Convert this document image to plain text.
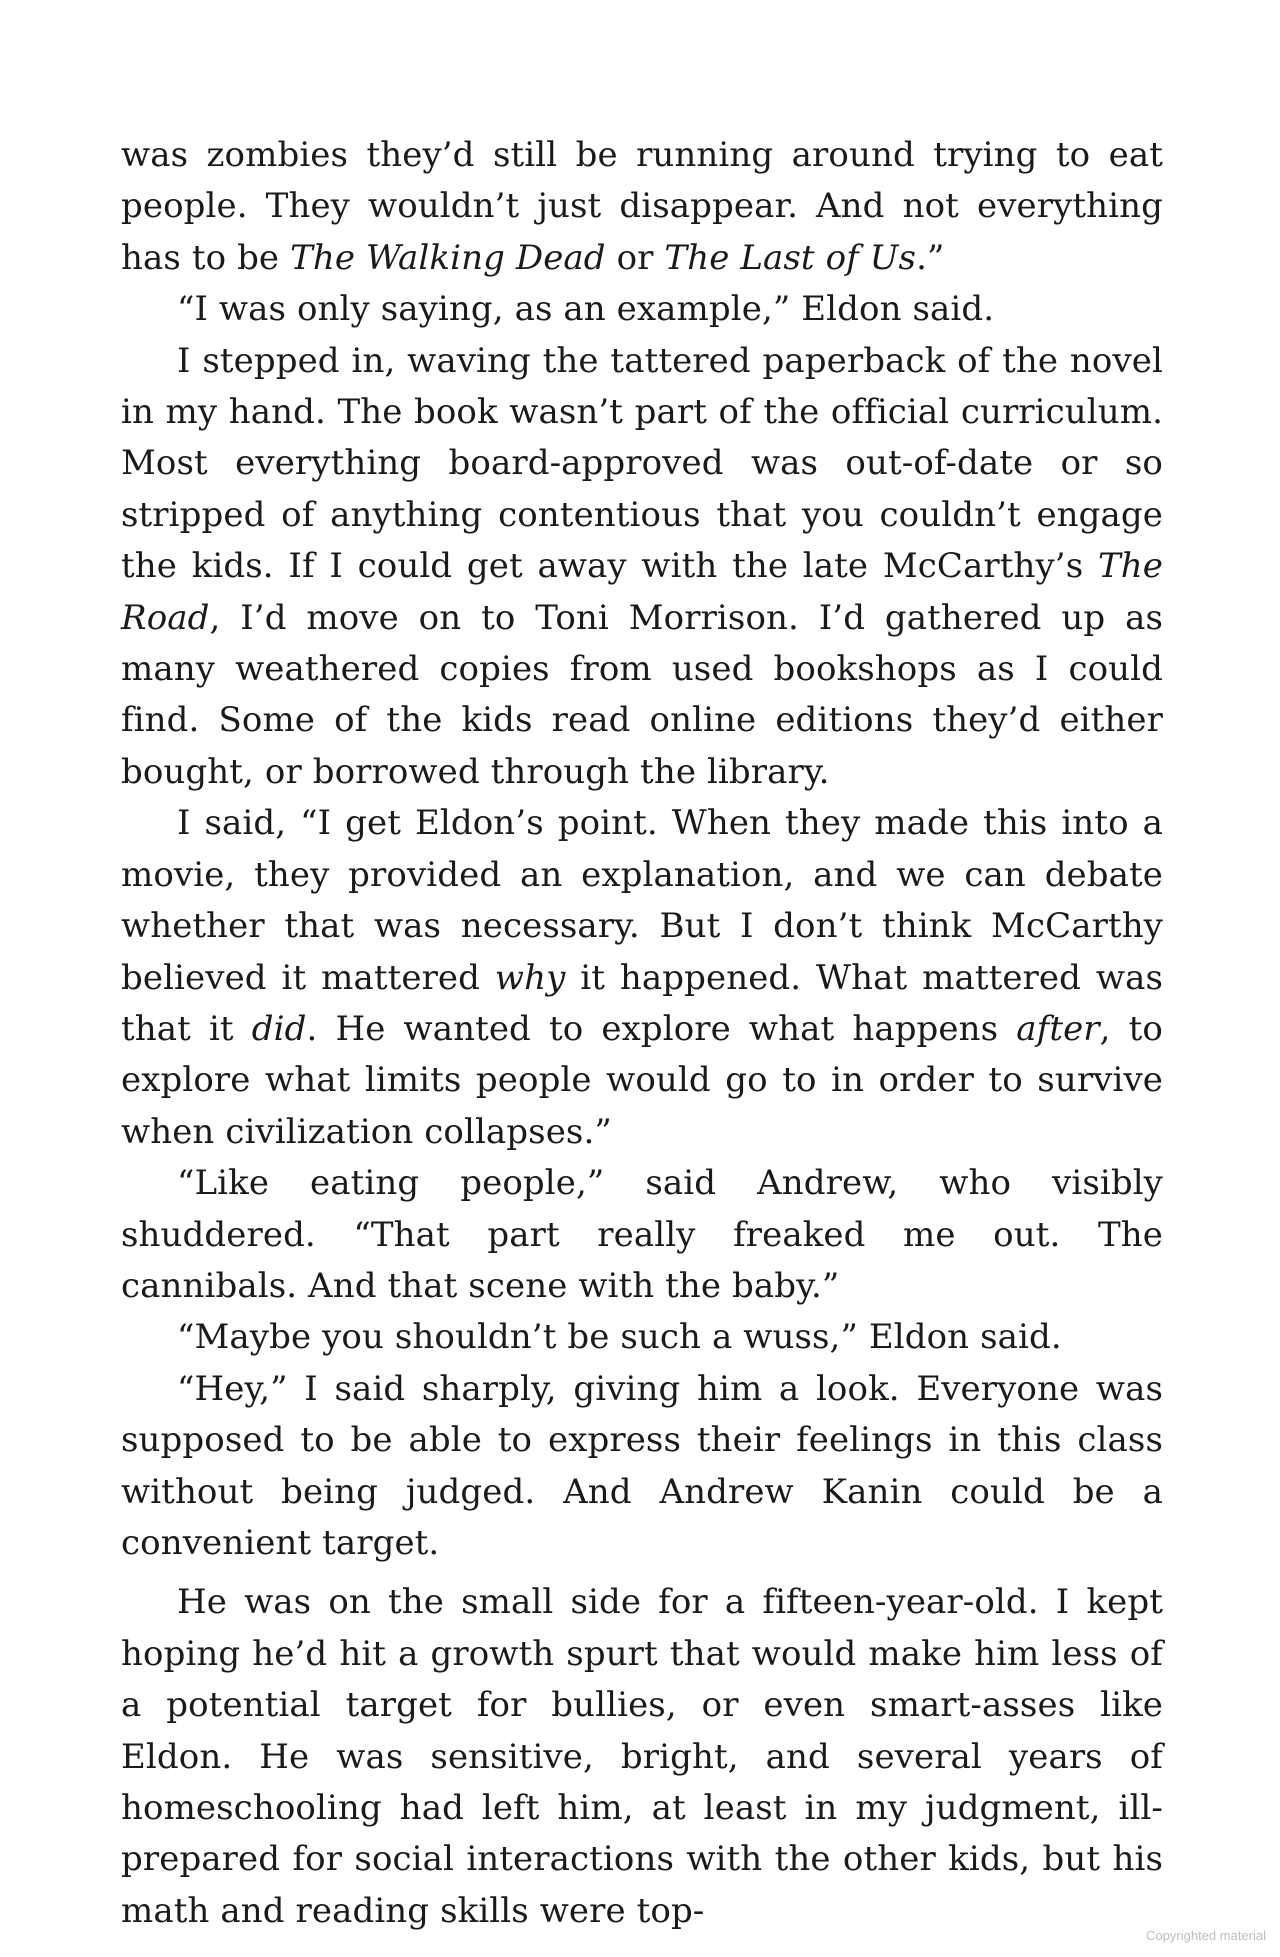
was zombies they’d still be running around trying to eat people. They wouldn’t just disappear. And not everything has to be The Walking Dead or The Last of Us.”

“I was only saying, as an example,” Eldon said.

I stepped in, waving the tattered paperback of the novel in my hand. The book wasn’t part of the official curriculum. Most everything board-approved was out-of-date or so stripped of anything contentious that you couldn’t engage the kids. If I could get away with the late McCarthy’s The Road, I’d move on to Toni Morrison. I’d gathered up as many weathered copies from used bookshops as I could find. Some of the kids read online editions they’d either bought, or borrowed through the library.

I said, “I get Eldon’s point. When they made this into a movie, they provided an explanation, and we can debate whether that was necessary. But I don’t think McCarthy believed it mattered why it happened. What mattered was that it did. He wanted to explore what happens after, to explore what limits people would go to in order to survive when civilization collapses.”

“Like eating people,” said Andrew, who visibly shuddered. “That part really freaked me out. The cannibals. And that scene with the baby.”

“Maybe you shouldn’t be such a wuss,” Eldon said.

“Hey,” I said sharply, giving him a look. Everyone was supposed to be able to express their feelings in this class without being judged. And Andrew Kanin could be a convenient target.

He was on the small side for a fifteen-year-old. I kept hoping he’d hit a growth spurt that would make him less of a potential target for bullies, or even smart-asses like Eldon. He was sensitive, bright, and several years of homeschooling had left him, at least in my judgment, ill-prepared for social interactions with the other kids, but his math and reading skills were top-

Copyrighted material
